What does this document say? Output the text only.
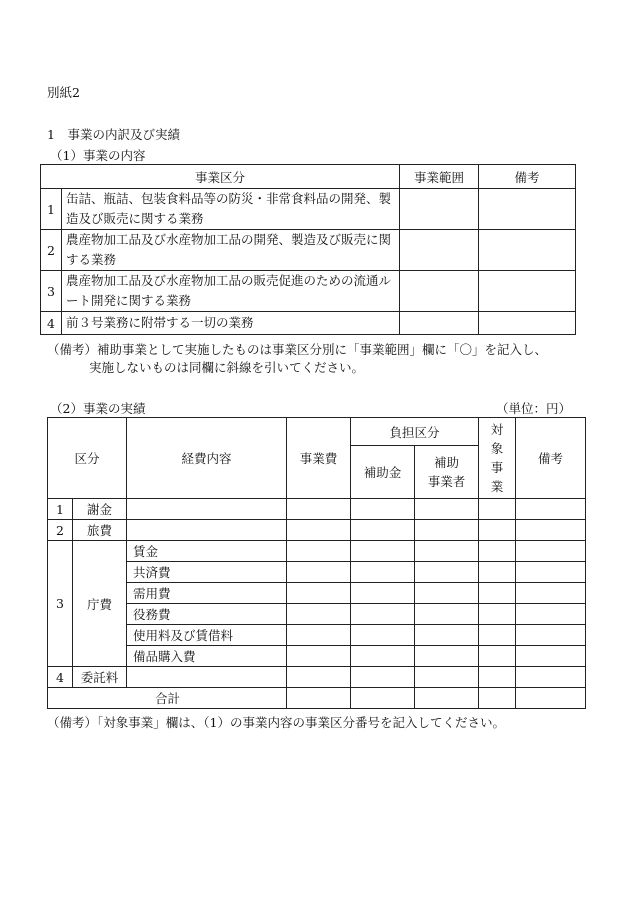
別紙2
1　事業の内訳及び実績
（1）事業の内容
事業区分		事業範囲	備考
1	缶詰、瓶詰、包装食料品等の防災・非常食料品の開発、製造及び販売に関する業務		
2	農産物加工品及び水産物加工品の開発、製造及び販売に関する業務		
3	農産物加工品及び水産物加工品の販売促進のための流通ルート開発に関する業務		
4	前３号業務に附帯する一切の業務		
（備考）補助事業として実施したものは事業区分別に「事業範囲」欄に「〇」を記入し、
実施しないものは同欄に斜線を引いてください。
（2）事業の実績	（単位：円）
区分		経費内容	事業費	負担区分		対象事業	備考
				補助金	補助
事業者		
1	謝金						
2	旅費						
3	庁費	賃金					
		共済費					
		需用費					
		役務費					
		使用料及び賃借料					
		備品購入費					
4	委託料						
合計							
（備考）「対象事業」欄は、（1）の事業内容の事業区分番号を記入してください。
